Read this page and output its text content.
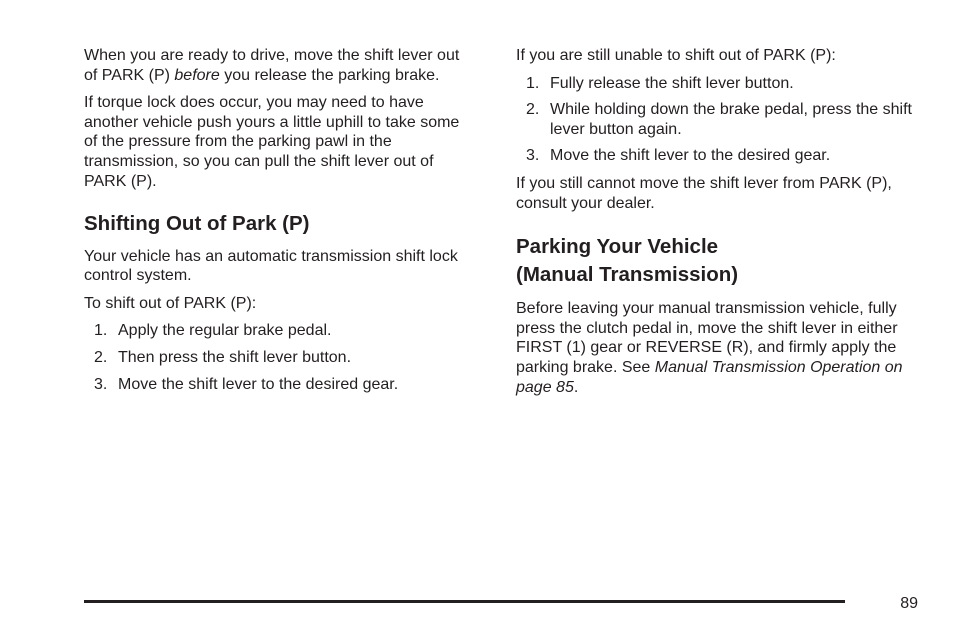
When you are ready to drive, move the shift lever out of PARK (P) before you release the parking brake.

If torque lock does occur, you may need to have another vehicle push yours a little uphill to take some of the pressure from the parking pawl in the transmission, so you can pull the shift lever out of PARK (P).

Shifting Out of Park (P)

Your vehicle has an automatic transmission shift lock control system.

To shift out of PARK (P):

1. Apply the regular brake pedal.
2. Then press the shift lever button.
3. Move the shift lever to the desired gear.

If you are still unable to shift out of PARK (P):

1. Fully release the shift lever button.
2. While holding down the brake pedal, press the shift lever button again.
3. Move the shift lever to the desired gear.

If you still cannot move the shift lever from PARK (P), consult your dealer.

Parking Your Vehicle
(Manual Transmission)

Before leaving your manual transmission vehicle, fully press the clutch pedal in, move the shift lever in either FIRST (1) gear or REVERSE (R), and firmly apply the parking brake. See Manual Transmission Operation on page 85.

89
